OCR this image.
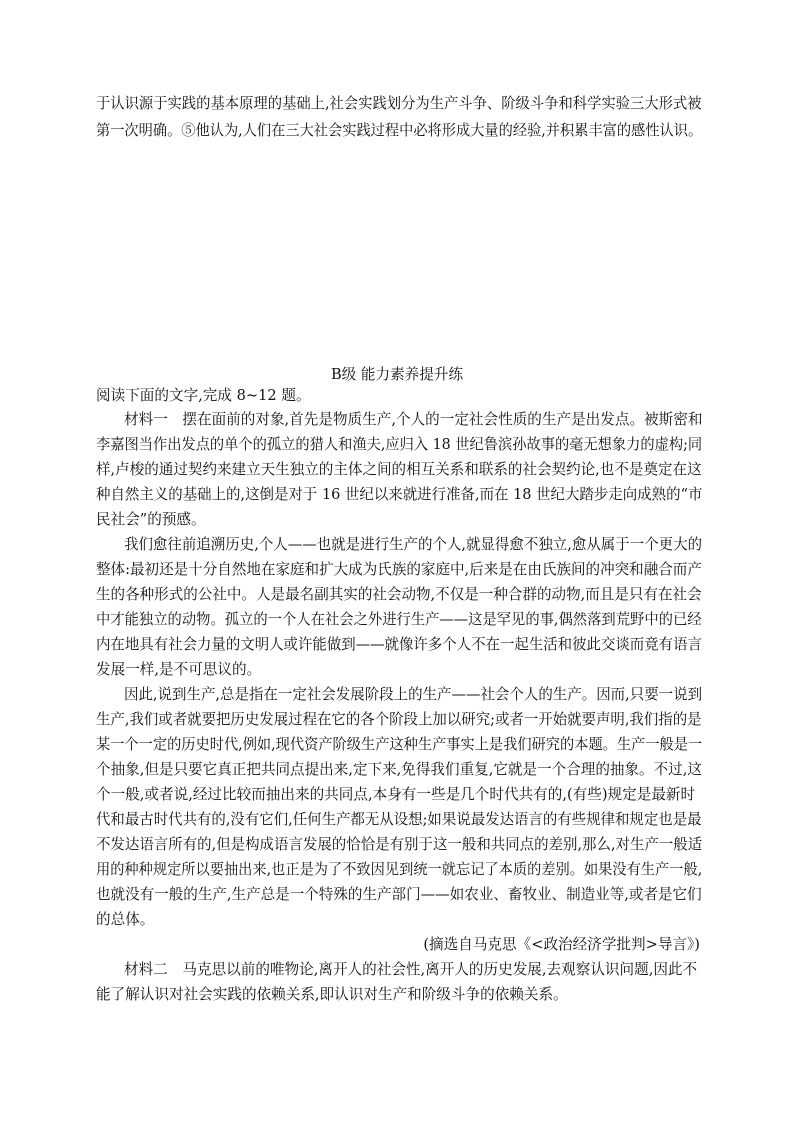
于认识源于实践的基本原理的基础上,社会实践划分为生产斗争、阶级斗争和科学实验三大形式被
第一次明确。⑤他认为,人们在三大社会实践过程中必将形成大量的经验,并积累丰富的感性认识。
B级 能力素养提升练
阅读下面的文字,完成 8~12 题。
材料一　摆在面前的对象,首先是物质生产,个人的一定社会性质的生产是出发点。被斯密和
李嘉图当作出发点的单个的孤立的猎人和渔夫,应归入 18 世纪鲁滨孙故事的毫无想象力的虚构;同
样,卢梭的通过契约来建立天生独立的主体之间的相互关系和联系的社会契约论,也不是奠定在这
种自然主义的基础上的,这倒是对于 16 世纪以来就进行准备,而在 18 世纪大踏步走向成熟的“市
民社会”的预感。
我们愈往前追溯历史,个人——也就是进行生产的个人,就显得愈不独立,愈从属于一个更大的
整体:最初还是十分自然地在家庭和扩大成为氏族的家庭中,后来是在由氏族间的冲突和融合而产
生的各种形式的公社中。人是最名副其实的社会动物,不仅是一种合群的动物,而且是只有在社会
中才能独立的动物。孤立的一个人在社会之外进行生产——这是罕见的事,偶然落到荒野中的已经
内在地具有社会力量的文明人或许能做到——就像许多个人不在一起生活和彼此交谈而竟有语言
发展一样,是不可思议的。
因此,说到生产,总是指在一定社会发展阶段上的生产——社会个人的生产。因而,只要一说到
生产,我们或者就要把历史发展过程在它的各个阶段上加以研究;或者一开始就要声明,我们指的是
某一个一定的历史时代,例如,现代资产阶级生产这种生产事实上是我们研究的本题。生产一般是一
个抽象,但是只要它真正把共同点提出来,定下来,免得我们重复,它就是一个合理的抽象。不过,这
个一般,或者说,经过比较而抽出来的共同点,本身有一些是几个时代共有的,(有些)规定是最新时
代和最古时代共有的,没有它们,任何生产都无从设想;如果说最发达语言的有些规律和规定也是最
不发达语言所有的,但是构成语言发展的恰恰是有别于这一般和共同点的差别,那么,对生产一般适
用的种种规定所以要抽出来,也正是为了不致因见到统一就忘记了本质的差别。如果没有生产一般,
也就没有一般的生产,生产总是一个特殊的生产部门——如农业、畜牧业、制造业等,或者是它们
的总体。
(摘选自马克思《<政治经济学批判>导言》)
材料二　马克思以前的唯物论,离开人的社会性,离开人的历史发展,去观察认识问题,因此不
能了解认识对社会实践的依赖关系,即认识对生产和阶级斗争的依赖关系。
